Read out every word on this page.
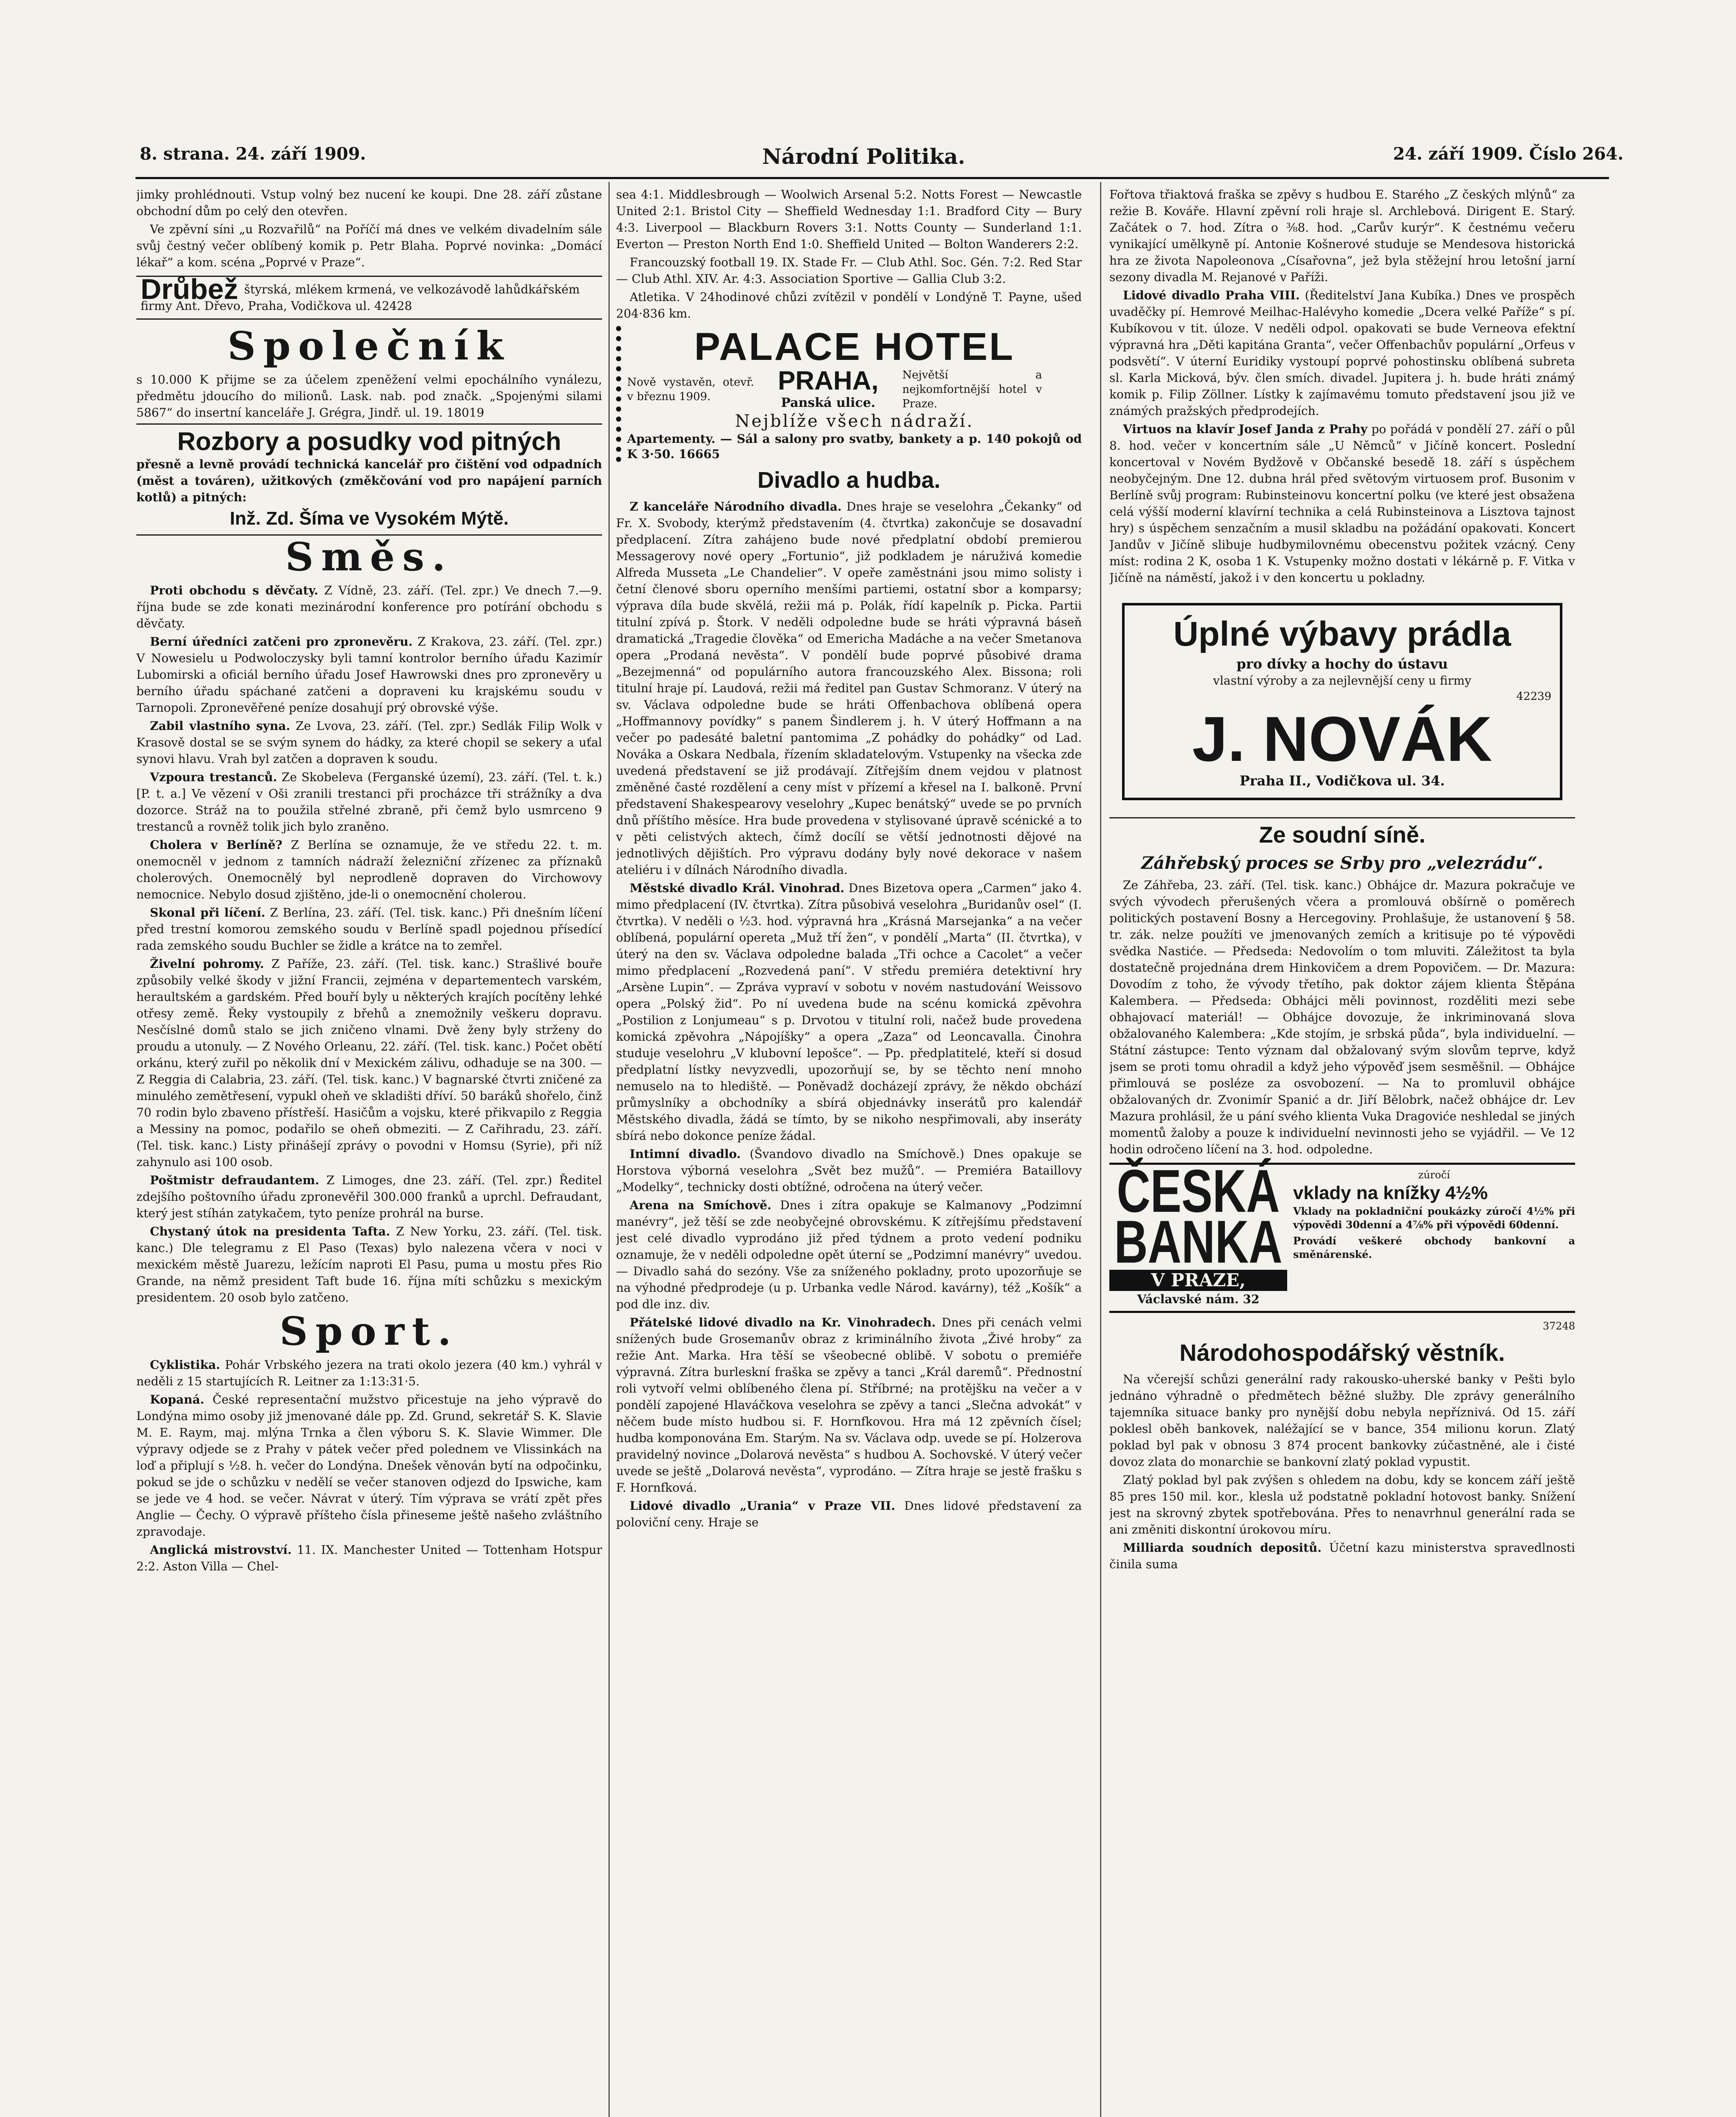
8. strana. 24. září 1909.	Národní Politika.	24. září 1909. Číslo 264.

jimky prohlédnouti. Vstup volný bez nucení ke koupi. Dne 28. září zůstane obchodní dům po celý den otevřen.

Ve zpěvní síni „u Rozvařilů“ na Poříčí má dnes ve velkém divadelním sále svůj čestný večer oblíbený komik p. Petr Blaha. Poprvé novinka: „Domácí lékař“ a kom. scéna „Poprvé v Praze“.

Drůbež štyrská, mlékem krmená, ve velkozávodě lahůdkářském firmy Ant. Dřevo, Praha, Vodičkova ul. 42428
Společník

s 10.000 K přijme se za účelem zpeněžení velmi epochálního vynálezu, předmětu jdoucího do milionů. Lask. nab. pod značk. „Spojenými silami 5867“ do insertní kanceláře J. Grégra, Jindř. ul. 19. 18019

Rozbory a posudky vod pitných

přesně a levně provádí technická kancelář pro čištění vod odpadních (měst a továren), užitkových (změkčování vod pro napájení parních kotlů) a pitných:

Inž. Zd. Šíma ve Vysokém Mýtě.
Směs.

Proti obchodu s děvčaty. Z Vídně, 23. září. (Tel. zpr.) Ve dnech 7.—9. října bude se zde konati mezinárodní konference pro potírání obchodu s děvčaty.

Berní úředníci zatčeni pro zpronevěru. Z Krakova, 23. září. (Tel. zpr.) V Nowesielu u Podwoloczysky byli tamní kontrolor berního úřadu Kazimír Lubomirski a oficiál berního úřadu Josef Hawrowski dnes pro zpronevěry u berního úřadu spáchané zatčeni a dopraveni ku krajskému soudu v Tarnopoli. Zpronevěřené peníze dosahují prý obrovské výše.

Zabil vlastního syna. Ze Lvova, 23. září. (Tel. zpr.) Sedlák Filip Wolk v Krasově dostal se se svým synem do hádky, za které chopil se sekery a uťal synovi hlavu. Vrah byl zatčen a dopraven k soudu.

Vzpoura trestanců. Ze Skobeleva (Ferganské území), 23. září. (Tel. t. k.) [P. t. a.] Ve vězení v Oši zranili trestanci při procházce tři strážníky a dva dozorce. Stráž na to použila střelné zbraně, při čemž bylo usmrceno 9 trestanců a rovněž tolik jich bylo zraněno.

Cholera v Berlíně? Z Berlína se oznamuje, že ve středu 22. t. m. onemocněl v jednom z tamních nádraží železniční zřízenec za příznaků cholerových. Onemocnělý byl neprodleně dopraven do Virchowovy nemocnice. Nebylo dosud zjištěno, jde-li o onemocnění cholerou.

Skonal při líčení. Z Berlína, 23. září. (Tel. tisk. kanc.) Při dnešním líčení před trestní komorou zemského soudu v Berlíně spadl pojednou přísedící rada zemského soudu Buchler se židle a krátce na to zemřel.

Živelní pohromy. Z Paříže, 23. září. (Tel. tisk. kanc.) Strašlivé bouře způsobily velké škody v jižní Francii, zejména v departementech varském, heraultském a gardském. Před bouří byly u některých krajích pocítěny lehké otřesy země. Řeky vystoupily z břehů a znemožnily veškeru dopravu. Nesčíslné domů stalo se jich zničeno vlnami. Dvě ženy byly strženy do proudu a utonuly. — Z Nového Orleanu, 22. září. (Tel. tisk. kanc.) Počet obětí orkánu, který zuřil po několik dní v Mexickém zálivu, odhaduje se na 300. — Z Reggia di Calabria, 23. září. (Tel. tisk. kanc.) V bagnarské čtvrti zničené za minulého zemětřesení, vypukl oheň ve skladišti dříví. 50 baráků shořelo, činž 70 rodin bylo zbaveno přístřeší. Hasičům a vojsku, které přikvapilo z Reggia a Messiny na pomoc, podařilo se oheň obmeziti. — Z Cařihradu, 23. září. (Tel. tisk. kanc.) Listy přinášejí zprávy o povodni v Homsu (Syrie), při níž zahynulo asi 100 osob.

Poštmistr defraudantem. Z Limoges, dne 23. září. (Tel. zpr.) Ředitel zdejšího poštovního úřadu zpronevěřil 300.000 franků a uprchl. Defraudant, který jest stíhán zatykačem, tyto peníze prohrál na burse.

Chystaný útok na presidenta Tafta. Z New Yorku, 23. září. (Tel. tisk. kanc.) Dle telegramu z El Paso (Texas) bylo nalezena včera v noci v mexickém městě Juarezu, ležícím naproti El Pasu, puma u mostu přes Rio Grande, na němž president Taft bude 16. října míti schůzku s mexickým presidentem. 20 osob bylo zatčeno.

Sport.

Cyklistika. Pohár Vrbského jezera na trati okolo jezera (40 km.) vyhrál v neděli z 15 startujících R. Leitner za 1:13:31·5.

Kopaná. České representační mužstvo přicestuje na jeho výpravě do Londýna mimo osoby již jmenované dále pp. Zd. Grund, sekretář S. K. Slavie M. E. Raym, maj. mlýna Trnka a člen výboru S. K. Slavie Wimmer. Dle výpravy odjede se z Prahy v pátek večer před polednem ve Vlissinkách na loď a připlují s ½8. h. večer do Londýna. Dnešek věnován bytí na odpočinku, pokud se jde o schůzku v nedělí se večer stanoven odjezd do Ipswiche, kam se jede ve 4 hod. se večer. Návrat v úterý. Tím výprava se vrátí zpět přes Anglie — Čechy. O výpravě příšteho čísla přineseme ještě našeho zvláštního zpravodaje.

Anglická mistrovství. 11. IX. Manchester United — Tottenham Hotspur 2:2. Aston Villa — Chel-

sea 4:1. Middlesbrough — Woolwich Arsenal 5:2. Notts Forest — Newcastle United 2:1. Bristol City — Sheffield Wednesday 1:1. Bradford City — Bury 4:3. Liverpool — Blackburn Rovers 3:1. Notts County — Sunderland 1:1. Everton — Preston North End 1:0. Sheffield United — Bolton Wanderers 2:2.

Francouzský football 19. IX. Stade Fr. — Club Athl. Soc. Gén. 7:2. Red Star — Club Athl. XIV. Ar. 4:3. Association Sportive — Gallia Club 3:2.

Atletika. V 24hodinové chůzi zvítězil v pondělí v Londýně T. Payne, ušed 204·836 km.

PALACE HOTEL
Nově vystavěn, otevř. v březnu 1909.
PRAHA,
Panská ulice.
Největší a nejkomfortnější hotel v Praze.
Nejblíže všech nádraží.
Apartementy. — Sál a salony pro svatby, bankety a p. 140 pokojů od K 3·50. 16665
Divadlo a hudba.

Z kanceláře Národního divadla. Dnes hraje se veselohra „Čekanky“ od Fr. X. Svobody, kterýmž představením (4. čtvrtka) zakončuje se dosavadní předplacení. Zítra zahájeno bude nové předplatní období premierou Messagerovy nové opery „Fortunio“, již podkladem je náruživá komedie Alfreda Musseta „Le Chandelier“. V opeře zaměstnáni jsou mimo solisty i četní členové sboru operního menšími partiemi, ostatní sbor a komparsy; výprava díla bude skvělá, režii má p. Polák, řídí kapelník p. Picka. Partii titulní zpívá p. Štork. V neděli odpoledne bude se hráti výpravná báseň dramatická „Tragedie člověka“ od Emericha Madáche a na večer Smetanova opera „Prodaná nevěsta“. V pondělí bude poprvé působivé drama „Bezejmenná“ od populárního autora francouzského Alex. Bissona; roli titulní hraje pí. Laudová, režii má ředitel pan Gustav Schmoranz. V úterý na sv. Václava odpoledne bude se hráti Offenbachova oblíbená opera „Hoffmannovy povídky“ s panem Šindlerem j. h. V úterý Hoffmann a na večer po padesáté baletní pantomima „Z pohádky do pohádky“ od Lad. Nováka a Oskara Nedbala, řízením skladatelovým. Vstupenky na všecka zde uvedená představení se již prodávají. Zítřejším dnem vejdou v platnost změněné časté rozdělení a ceny míst v přízemí a křesel na I. balkoně. První představení Shakespearovy veselohry „Kupec benátský“ uvede se po prvních dnů příštího měsíce. Hra bude provedena v stylisované úpravě scénické a to v pěti celistvých aktech, čímž docílí se větší jednotnosti dějové na jednotlivých dějištích. Pro výpravu dodány byly nové dekorace v našem ateliéru i v dílnách Národního divadla.

Městské divadlo Král. Vinohrad. Dnes Bizetova opera „Carmen“ jako 4. mimo předplacení (IV. čtvrtka). Zítra působivá veselohra „Buridanův osel“ (I. čtvrtka). V neděli o ½3. hod. výpravná hra „Krásná Marsejanka“ a na večer oblíbená, populární opereta „Muž tří žen“, v pondělí „Marta“ (II. čtvrtka), v úterý na den sv. Václava odpoledne balada „Tři ochce a Cacolet“ a večer mimo předplacení „Rozvedená paní“. V středu premiéra detektivní hry „Arsène Lupin“. — Zpráva vypraví v sobotu v novém nastudování Weissovo opera „Polský žid“. Po ní uvedena bude na scénu komická zpěvohra „Postilion z Lonjumeau“ s p. Drvotou v titulní roli, načež bude provedena komická zpěvohra „Nápojíšky“ a opera „Zaza“ od Leoncavalla. Činohra studuje veselohru „V klubovní lepošce“. — Pp. předplatitelé, kteří si dosud předplatní lístky nevyzvedli, upozorňují se, by se těchto není mnoho nemuselo na to hlediště. — Poněvadž docházejí zprávy, že někdo obchází průmyslníky a obchodníky a sbírá objednávky inserátů pro kalendář Městského divadla, žádá se tímto, by se nikoho nespřimovali, aby inseráty sbírá nebo dokonce peníze žádal.

Intimní divadlo. (Švandovo divadlo na Smíchově.) Dnes opakuje se Horstova výborná veselohra „Svět bez mužů“. — Premiéra Bataillovy „Modelky“, technicky dosti obtížné, odročena na úterý večer.

Arena na Smíchově. Dnes i zítra opakuje se Kalmanovy „Podzimní manévry“, jež těší se zde neobyčejné obrovskému. K zítřejšímu představení jest celé divadlo vyprodáno již před týdnem a proto vedení podniku oznamuje, že v neděli odpoledne opět úterní se „Podzimní manévry“ uvedou. — Divadlo sahá do sezóny. Vše za sníženého pokladny, proto upozorňuje se na výhodné předprodeje (u p. Urbanka vedle Národ. kavárny), též „Košík“ a pod dle inz. div.

Přátelské lidové divadlo na Kr. Vinohradech. Dnes při cenách velmi snížených bude Grosemanův obraz z kriminálního života „Živé hroby“ za režie Ant. Marka. Hra těší se všeobecné oblibě. V sobotu o premiéře výpravná. Zítra burleskní fraška se zpěvy a tanci „Král daremů“. Přednostní roli vytvoří velmi oblíbeného člena pí. Stříbrné; na protějšku na večer a v pondělí zapojené Hlaváčkova veselohra se zpěvy a tanci „Slečna advokát“ v něčem bude místo hudbou si. F. Hornfkovou. Hra má 12 zpěvních čísel; hudba komponována Em. Starým. Na sv. Václava odp. uvede se pí. Holzerova pravidelný novince „Dolarová nevěsta“ s hudbou A. Sochovské. V úterý večer uvede se ještě „Dolarová nevěsta“, vyprodáno. — Zítra hraje se jestě frašku s F. Hornfková.

Lidové divadlo „Urania“ v Praze VII. Dnes lidové představení za poloviční ceny. Hraje se

Fořtova třiaktová fraška se zpěvy s hudbou E. Starého „Z českých mlýnů“ za režie B. Kováře. Hlavní zpěvní roli hraje sl. Archlebová. Dirigent E. Starý. Začátek o 7. hod. Zítra o ⅜8. hod. „Carův kurýr“. K čestnému večeru vynikající umělkyně pí. Antonie Košnerové studuje se Mendesova historická hra ze života Napoleonova „Císařovna“, jež byla stěžejní hrou letošní jarní sezony divadla M. Rejanové v Paříži.

Lidové divadlo Praha VIII. (Ředitelství Jana Kubíka.) Dnes ve prospěch uvaděčky pí. Hemrové Meilhac-Halévyho komedie „Dcera velké Paříže“ s pí. Kubíkovou v tit. úloze. V neděli odpol. opakovati se bude Verneova efektní výpravná hra „Děti kapitána Granta“, večer Offenbachův populární „Orfeus v podsvětí“. V úterní Euridiky vystoupí poprvé pohostinsku oblíbená subreta sl. Karla Micková, býv. člen smích. divadel. Jupitera j. h. bude hráti známý komik p. Filip Zöllner. Lístky k zajímavému tomuto představení jsou již ve známých pražských předprodejích.

Virtuos na klavír Josef Janda z Prahy po pořádá v pondělí 27. září o půl 8. hod. večer v koncertním sále „U Němců“ v Jičíně koncert. Poslední koncertoval v Novém Bydžově v Občanské besedě 18. září s úspěchem neobyčejným. Dne 12. dubna hrál před světovým virtuosem prof. Busonim v Berlíně svůj program: Rubinsteinovu koncertní polku (ve které jest obsažena celá výšší moderní klavírní technika a celá Rubinsteinova a Lisztova tajnost hry) s úspěchem senzačním a musil skladbu na požádání opakovati. Koncert Jandův v Jičíně slibuje hudbymilovnému obecenstvu požitek vzácný. Ceny míst: rodina 2 K, osoba 1 K. Vstupenky možno dostati v lékárně p. F. Vitka v Jičíně na náměstí, jakož i v den koncertu u pokladny.

Úplné výbavy prádla
pro dívky a hochy do ústavu
vlastní výroby a za nejlevnější ceny u firmy
42239
J. NOVÁK
Praha II., Vodičkova ul. 34.
Ze soudní síně.
Záhřebský proces se Srby pro „velezrádu“.

Ze Záhřeba, 23. září. (Tel. tisk. kanc.) Obhájce dr. Mazura pokračuje ve svých vývodech přerušených včera a promlouvá obšírně o poměrech politických postavení Bosny a Hercegoviny. Prohlašuje, že ustanovení § 58. tr. zák. nelze použíti ve jmenovaných zemích a kritisuje po té výpovědi svědka Nastiće. — Předseda: Nedovolím o tom mluviti. Záležitost ta byla dostatečně projednána drem Hinkovičem a drem Popovičem. — Dr. Mazura: Dovodím z toho, že vývody třetího, pak doktor zájem klienta Štěpána Kalembera. — Předseda: Obhájci měli povinnost, rozděliti mezi sebe obhajovací materiál! — Obhájce dovozuje, že inkriminovaná slova obžalovaného Kalembera: „Kde stojím, je srbská půda“, byla individuelní. — Státní zástupce: Tento význam dal obžalovaný svým slovům teprve, když jsem se proti tomu ohradil a když jeho výpověď jsem sesměšnil. — Obhájce přimlouvá se posléze za osvobození. — Na to promluvil obhájce obžalovaných dr. Zvonimír Spanić a dr. Jiří Bělobrk, načež obhájce dr. Lev Mazura prohlásil, že u pání svého klienta Vuka Dragoviće neshledal se jiných momentů žaloby a pouze k individuelní nevinnosti jeho se vyjádřil. — Ve 12 hodin odročeno líčení na 3. hod. odpoledne.

ČESKÁ
BANKA
V PRAZE,
Václavské nám. 32
zúročí
vklady na knížky 4½%
Vklady na pokladniční poukázky zúročí 4½% při výpovědi 30denní a 4⅞% při výpovědi 60denní.
Provádí veškeré obchody bankovní a směnárenské.
37248
Národohospodářský věstník.

Na včerejší schůzi generální rady rakousko-uherské banky v Pešti bylo jednáno výhradně o předmětech běžné služby. Dle zprávy generálního tajemníka situace banky pro nynější dobu nebyla nepříznivá. Od 15. září poklesl oběh bankovek, naléžající se v bance, 354 milionu korun. Zlatý poklad byl pak v obnosu 3 874 procent bankovky zúčastněné, ale i čisté dovoz zlata do monarchie se bankovní zlatý poklad vypustit.

Zlatý poklad byl pak zvýšen s ohledem na dobu, kdy se koncem září ještě 85 pres 150 mil. kor., klesla už podstatně pokladní hotovost banky. Snížení jest na skrovný zbytek spotřebována. Přes to nenavrhnul generální rada se ani změniti diskontní úrokovou míru.

Milliarda soudních depositů. Účetní kazu ministerstva spravedlnosti činila suma
